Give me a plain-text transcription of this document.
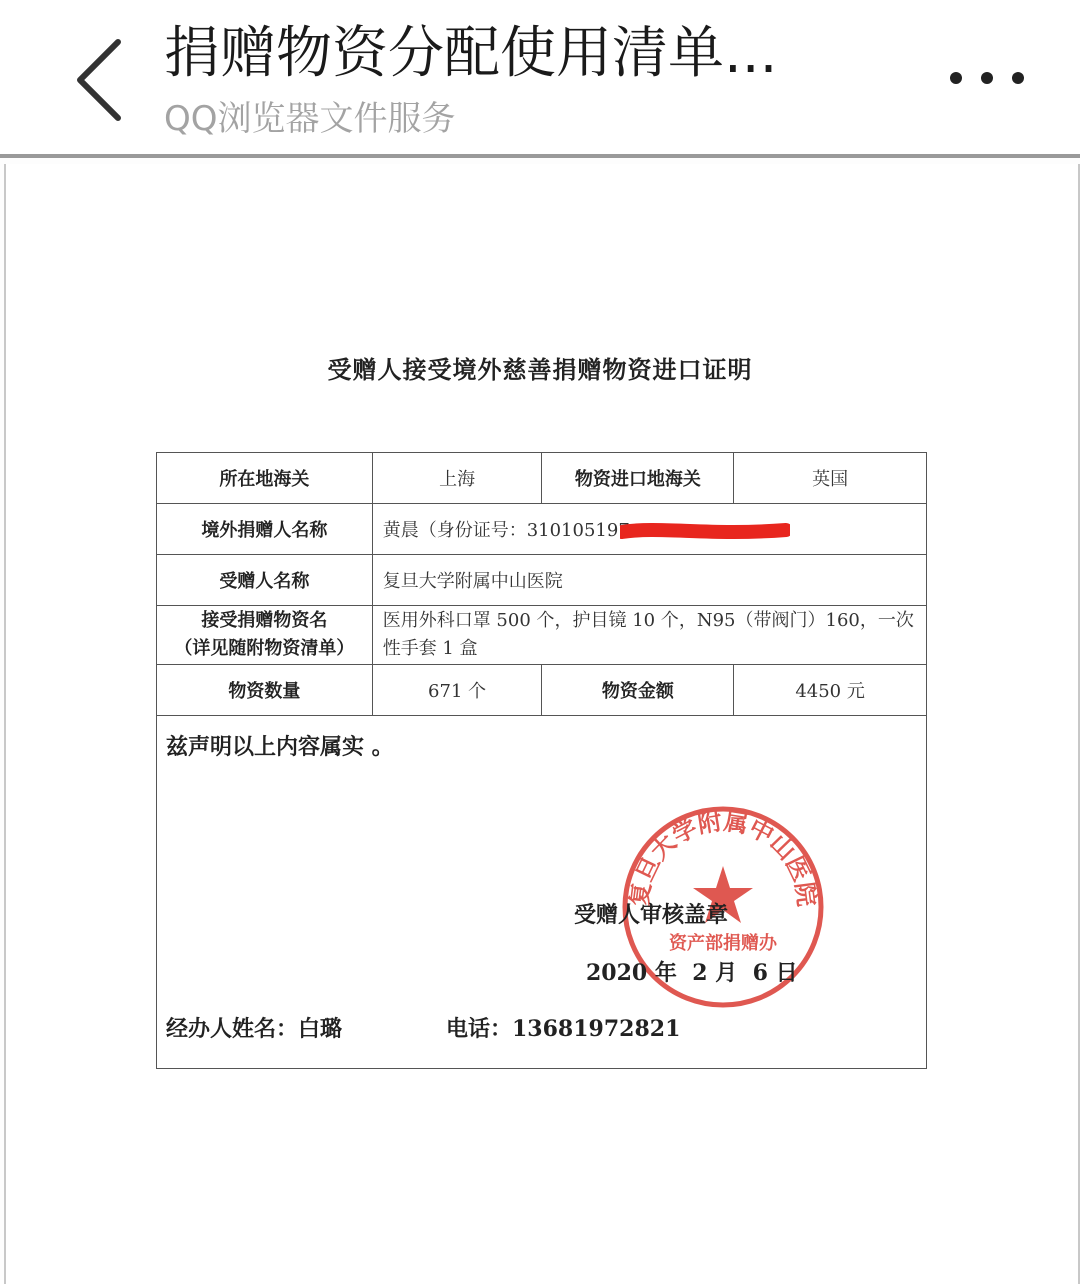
捐赠物资分配使用清单...
QQ浏览器文件服务
受赠人接受境外慈善捐赠物资进口证明
所在地海关	上海	物资进口地海关	英国
境外捐赠人名称	黄晨（身份证号：310105197		
受赠人名称	复旦大学附属中山医院		

接受捐赠物资名
（详见随附物资清单）	医用外科口罩 500 个，护目镜 10 个，N95（带阀门）160，一次性手套 1 盒		
物资数量	671 个	物资金额	4450 元
兹声明以上内容属实 。
复旦大学附属中山医院
资产部捐赠办
受赠人审核盖章
2020 年 2 月 6 日
经办人姓名：白璐	电话：13681972821
